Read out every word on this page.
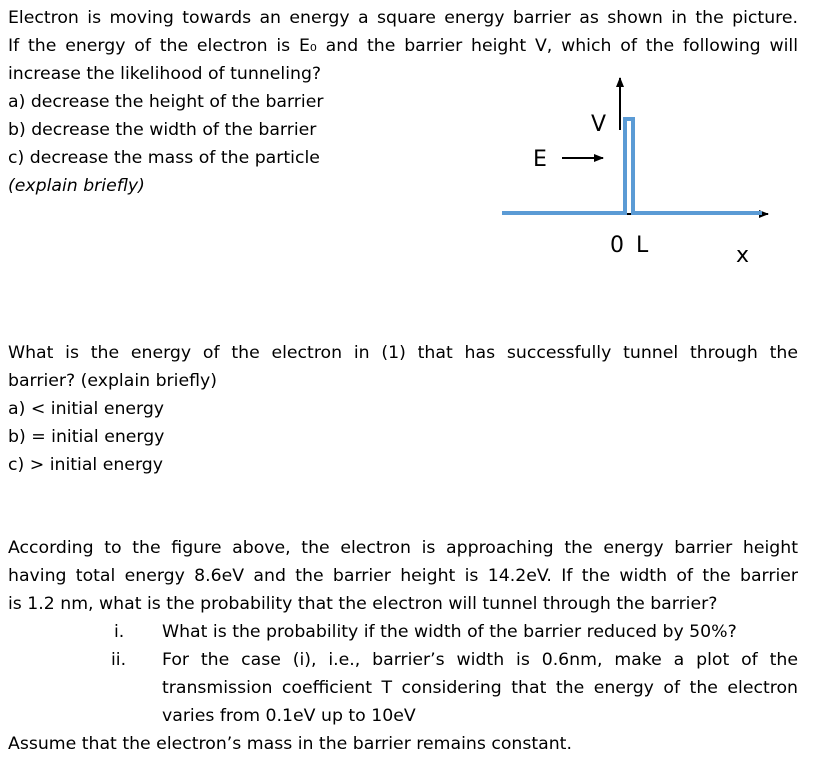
Electron is moving towards an energy a square energy barrier as shown in the picture.
If the energy of the electron is E₀ and the barrier height V, which of the following will
increase the likelihood of tunneling?
a) decrease the height of the barrier
b) decrease the width of the barrier
c) decrease the mass of the particle
(explain briefly)
V
E
0 L	x
What is the energy of the electron in (1) that has successfully tunnel through the
barrier? (explain briefly)
a) < initial energy
b) = initial energy
c) > initial energy
According to the figure above, the electron is approaching the energy barrier height
having total energy 8.6eV and the barrier height is 14.2eV. If the width of the barrier
is 1.2 nm, what is the probability that the electron will tunnel through the barrier?
i. What is the probability if the width of the barrier reduced by 50%?
ii. For the case (i), i.e., barrier’s width is 0.6nm, make a plot of the
transmission coefficient T considering that the energy of the electron
varies from 0.1eV up to 10eV
Assume that the electron’s mass in the barrier remains constant.
